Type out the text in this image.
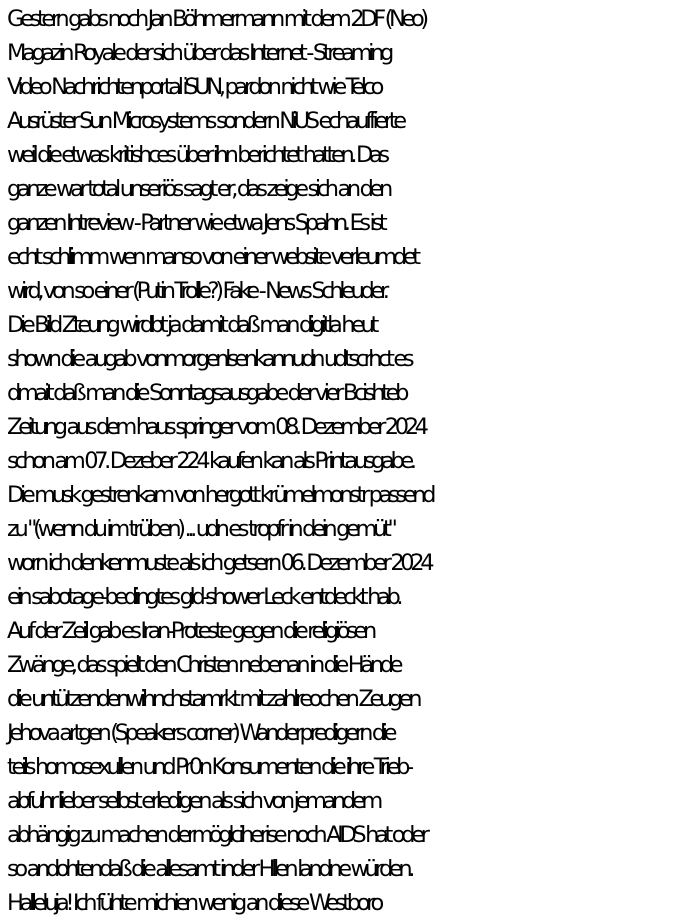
Gestern gabs noch Jan Böhmermann mit dem 2DF (Neo)
Magazin Royale der sich über das Internet - Streaming
Video Nachrichtenportal iSUN, pardon nicht wie Telco
Ausrüster Sun Microsystems sondern NiUS echauffierte
weil die etwas kritishces über ihn berichtet hatten. Das
ganze war total unseriös sagt er, das zeige sich an den
ganzen Intreview - Partner wie etwa Jens Spahn. Es ist
echt schlimm wen manso von einer website verleumdet
wird, von so einer (Putin Trolle?) Fake - News Schleuder.
Die Bild Zteung wirdbt ja damit daß man digitla heut
shown die augab vonmorgenlsenkannudn udtscrhct es
dmait daß man die Sonntagsausgabe der vier Bcishteb
Zeitung aus dem haus springer vom 08. Dezember 2024
schon am 07. Dezeber 224 kaufen kan als Printausgabe.
Die musk gestrenkam von hergott krümelmonstr passend
zu "(wenn du im trüben) ... udn es tropfr in dein gemüt"
worn ich denkenmuste als ich getsern 06. Dezember 2024
ein sabotage-bedingtes gld-shower Leck entdeckt hab.
Auf der Zeil gab es Iran-Proteste gegen die religiösen
Zwänge, das spielt den Christen nebenan in die Hände
die untützendenwihnchstamrkt mit zahlreochen Zeugen
Jehova artgen (Speakers corner) Wanderpredigern die
teils homosexullen und Pr0n Konsumenten die ihre Trieb-
abfuhr lieber selbst erledigen als sich von jemandem
abhängig zu machen dermöglciherise noch AIDS hat oder
so andohtendaß die allesamt inder Hllen landne würden.
Halleluja! Ich fühte michien wenig an diese Westboro
